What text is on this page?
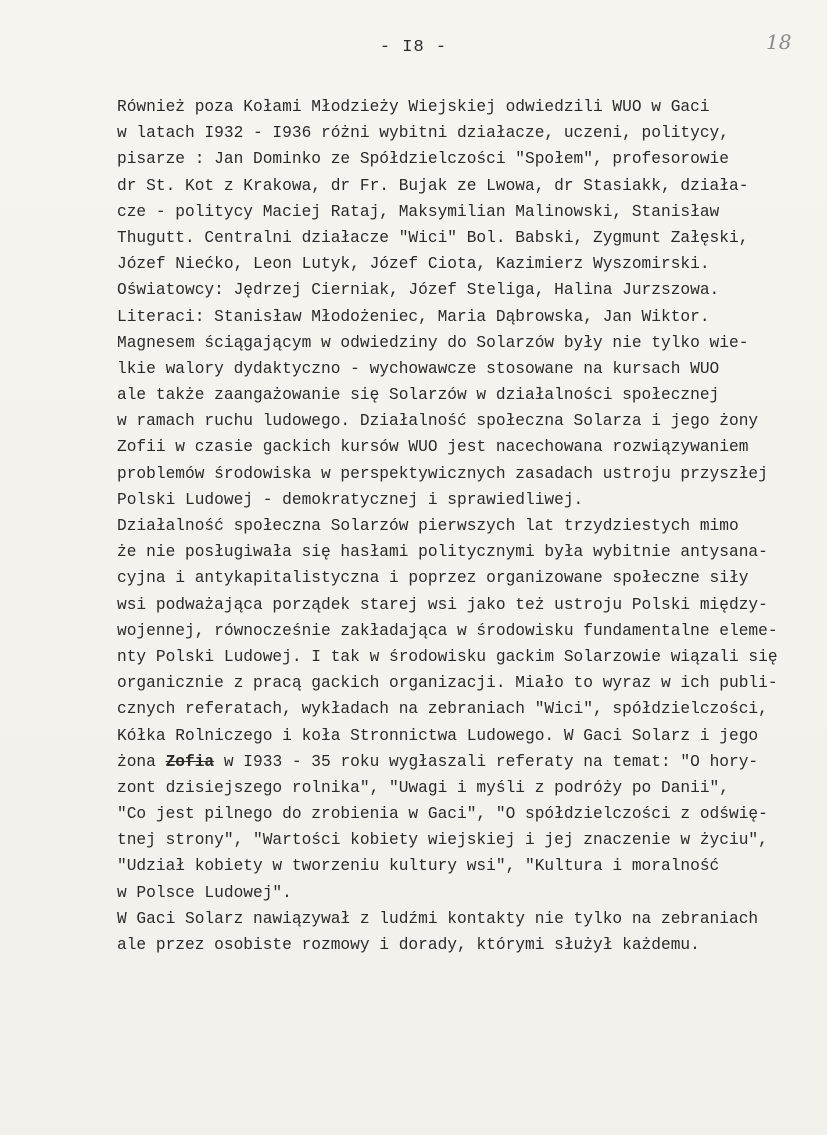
- I8 -	18
Również poza Kołami Młodzieży Wiejskiej odwiedzili WUO w Gaci
w latach I932 - I936 różni wybitni działacze, uczeni, politycy,
pisarze : Jan Dominko ze Spółdzielczości "Społem", profesorowie
dr St. Kot z Krakowa, dr Fr. Bujak ze Lwowa, dr Stasiakk, działa-
cze - politycy Maciej Rataj, Maksymilian Malinowski, Stanisław
Thugutt. Centralni działacze "Wici" Bol. Babski, Zygmunt Załęski,
Józef Niećko, Leon Lutyk, Józef Ciota, Kazimierz Wyszomirski.
Oświatowcy: Jędrzej Cierniak, Józef Steliga, Halina Jurzszowa.
Literaci: Stanisław Młodożeniec, Maria Dąbrowska, Jan Wiktor.
Magnesem ściągającym w odwiedziny do Solarzów były nie tylko wie-
lkie walory dydaktyczno - wychowawcze stosowane na kursach WUO
ale także zaangażowanie się Solarzów w działalności społecznej
w ramach ruchu ludowego. Działalność społeczna Solarza i jego żony
Zofii w czasie gackich kursów WUO jest nacechowana rozwiązywaniem
problemów środowiska w perspektywicznych zasadach ustroju przyszłej
Polski Ludowej - demokratycznej i sprawiedliwej.
Działalność społeczna Solarzów pierwszych lat trzydziestych mimo
że nie posługiwała się hasłami politycznymi była wybitnie antysana-
cyjna i antykapitalistyczna i poprzez organizowane społeczne siły
wsi podważająca porządek starej wsi jako też ustroju Polski między-
wojennej, równocześnie zakładająca w środowisku fundamentalne eleme-
nty Polski Ludowej. I tak w środowisku gackim Solarzowie wiązali się
organicznie z pracą gackich organizacji. Miało to wyraz w ich publi-
cznych referatach, wykładach na zebraniach "Wici", spółdzielczości,
Kółka Rolniczego i koła Stronnictwa Ludowego. W Gaci Solarz i jego
żona Zofia w I933 - 35 roku wygłaszali referaty na temat: "O hory-
zont dzisiejszego rolnika", "Uwagi i myśli z podróży po Danii",
"Co jest pilnego do zrobienia w Gaci", "O spółdzielczości z odświę-
tnej strony", "Wartości kobiety wiejskiej i jej znaczenie w życiu",
"Udział kobiety w tworzeniu kultury wsi", "Kultura i moralność
w Polsce Ludowej".
W Gaci Solarz nawiązywał z ludźmi kontakty nie tylko na zebraniach
ale przez osobiste rozmowy i dorady, którymi służył każdemu.
